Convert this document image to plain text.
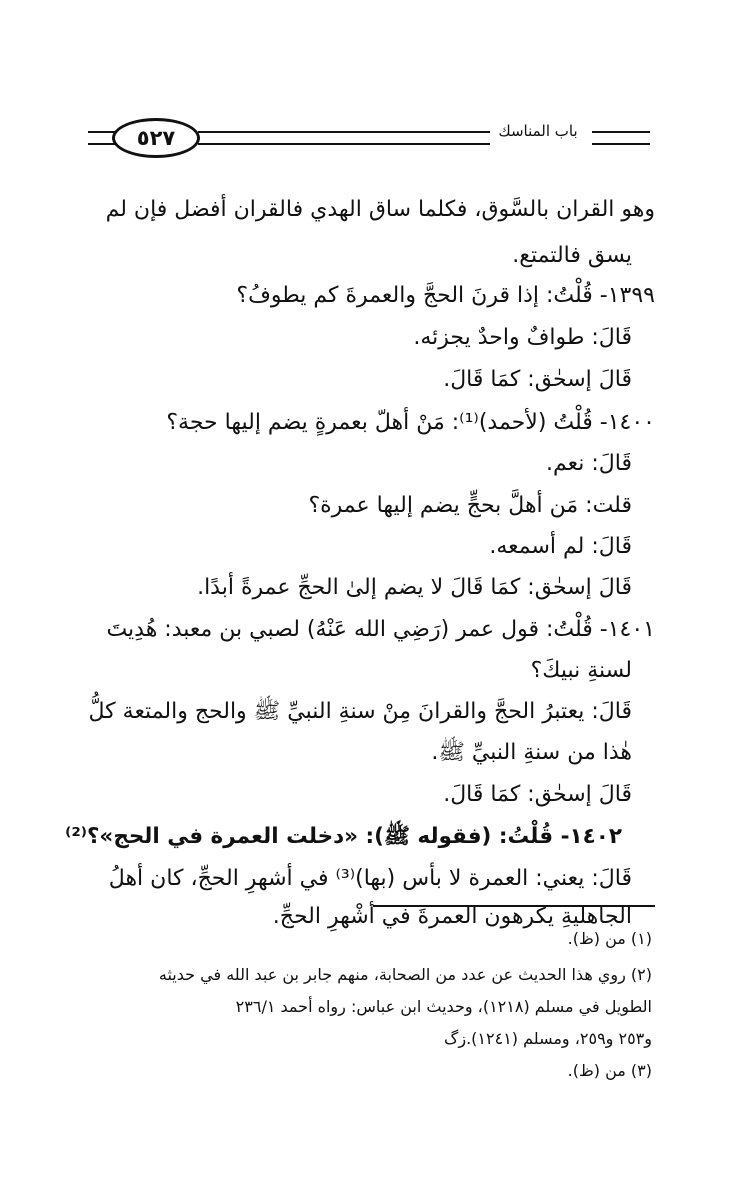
٥٢٧	باب المناسك
وهو القران بالسَّوق، فكلما ساق الهدي فالقران أفضل فإن لم
يسق فالتمتع.
١٣٩٩- قُلْتُ: إذا قرنَ الحجَّ والعمرةَ كم يطوفُ؟
قَالَ: طوافٌ واحدٌ يجزئه.
قَالَ إسحٰق: كمَا قَالَ.
١٤٠٠- قُلْتُ (لأحمد)⁽¹⁾: مَنْ أهلّ بعمرةٍ يضم إليها حجة؟
قَالَ: نعم.
قلت: مَن أهلَّ بحجٍّ يضم إليها عمرة؟
قَالَ: لم أسمعه.
قَالَ إسحٰق: كمَا قَالَ لا يضم إلىٰ الحجِّ عمرةً أبدًا.
١٤٠١- قُلْتُ: قول عمر (رَضِي الله عَنْهُ) لصبي بن معبد: هُدِيتَ
لسنةِ نبيكَ؟
قَالَ: يعتبرُ الحجَّ والقرانَ مِنْ سنةِ النبيِّ ﷺ والحج والمتعة كلُّ
هٰذا من سنةِ النبيِّ ﷺ.
قَالَ إسحٰق: كمَا قَالَ.
١٤٠٢- قُلْتُ: (فقوله ﷺ): «دخلت العمرة في الحج»؟⁽²⁾
قَالَ: يعني: العمرة لا بأس (بها)⁽³⁾ في أشهرِ الحجِّ، كان أهلُ
الجاهليةِ يكرهون العمرةَ في أشْهرِ الحجِّ.
(١) من (ظ).
(٢) روي هذا الحديث عن عدد من الصحابة، منهم جابر بن عبد الله في حديثه
الطويل في مسلم (١٢١٨)، وحديث ابن عباس: رواه أحمد ٢٣٦/١
و٢٥٣ و٢٥٩، ومسلم (١٢٤١).زگ
(٣) من (ظ).
